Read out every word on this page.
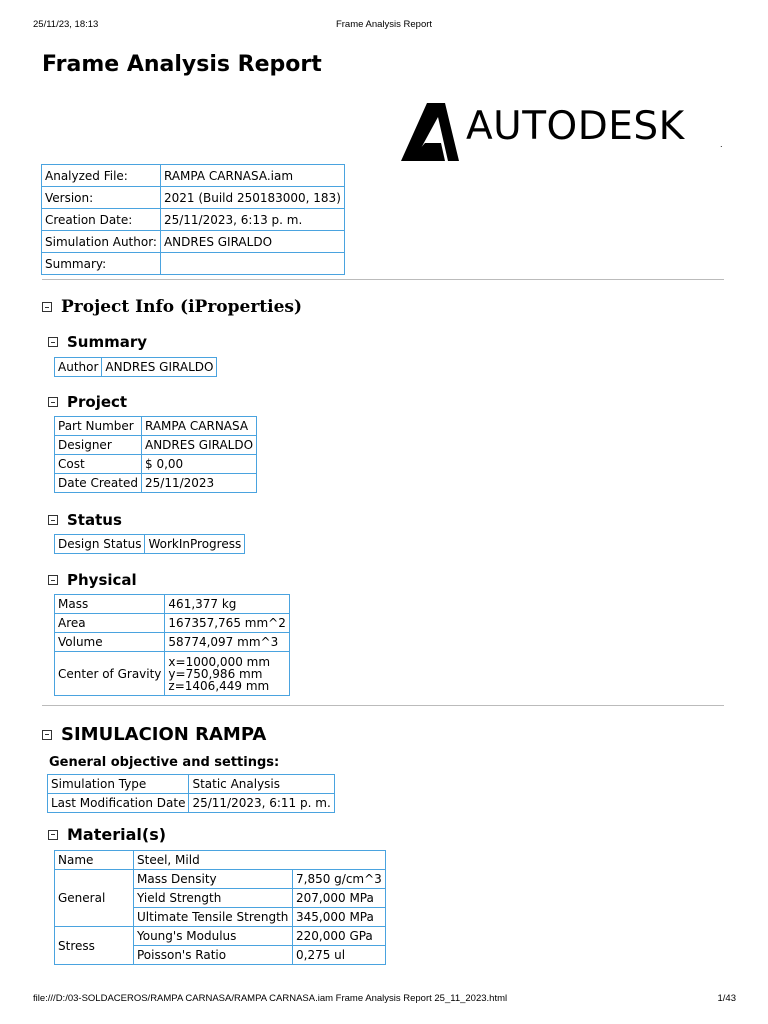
25/11/23, 18:13	Frame Analysis Report
Frame Analysis Report
AUTODESK	.
Analyzed File:	RAMPA CARNASA.iam
Version:	2021 (Build 250183000, 183)
Creation Date:	25/11/2023, 6:13 p. m.
Simulation Author:	ANDRES GIRALDO
Summary:	
Project Info (iProperties)
Summary
Author	ANDRES GIRALDO
Project
Part Number	RAMPA CARNASA
Designer	ANDRES GIRALDO
Cost	$ 0,00
Date Created	25/11/2023
Status
Design Status	WorkInProgress
Physical
Mass	461,377 kg
Area	167357,765 mm^2
Volume	58774,097 mm^3
Center of Gravity	x=1000,000 mm
y=750,986 mm
z=1406,449 mm
SIMULACION RAMPA
General objective and settings:
Simulation Type	Static Analysis
Last Modification Date	25/11/2023, 6:11 p. m.
Material(s)
Name	Steel, Mild	
General	Mass Density	7,850 g/cm^3
	Yield Strength	207,000 MPa
	Ultimate Tensile Strength	345,000 MPa
Stress	Young's Modulus	220,000 GPa
	Poisson's Ratio	0,275 ul
file:///D:/03-SOLDACEROS/RAMPA CARNASA/RAMPA CARNASA.iam Frame Analysis Report 25_11_2023.html	1/43
